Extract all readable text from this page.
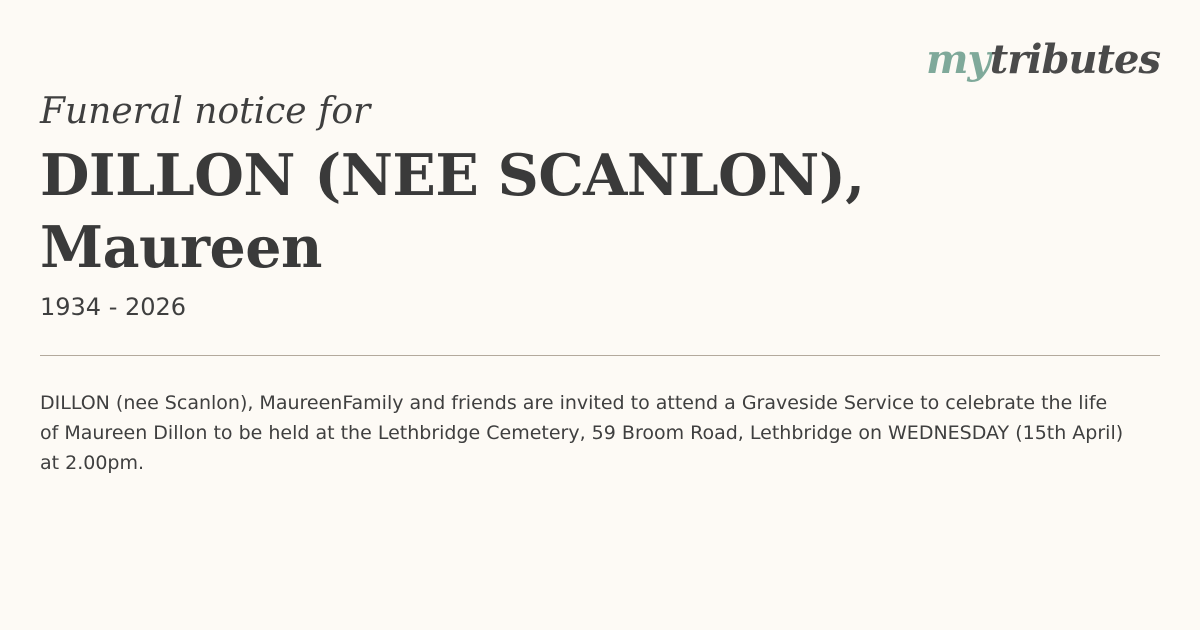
mytributes
Funeral notice for
DILLON (NEE SCANLON),
Maureen
1934 - 2026

DILLON (nee Scanlon), MaureenFamily and friends are invited to attend a Graveside Service to celebrate the life of Maureen Dillon to be held at the Lethbridge Cemetery, 59 Broom Road, Lethbridge on WEDNESDAY (15th April) at 2.00pm.
